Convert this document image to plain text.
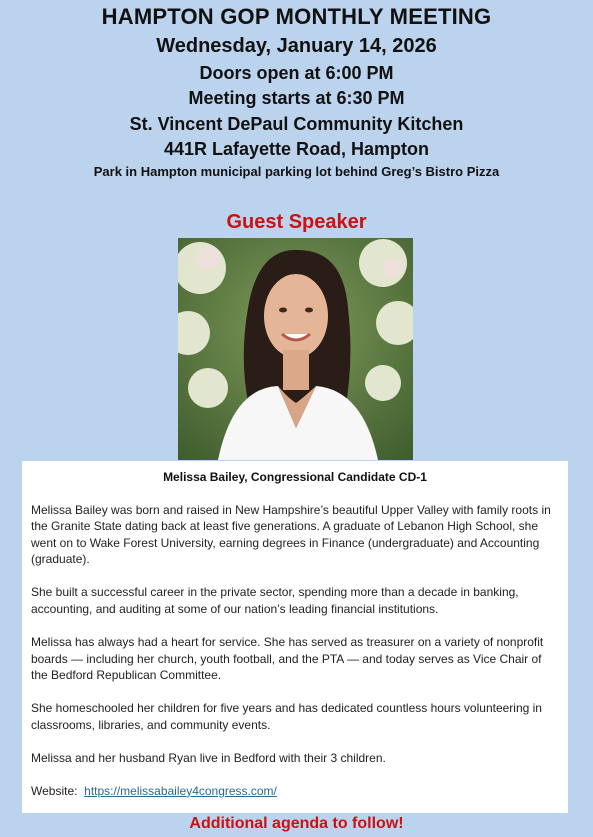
HAMPTON GOP MONTHLY MEETING
Wednesday, January 14, 2026
Doors open at 6:00 PM
Meeting starts at 6:30 PM
St. Vincent DePaul Community Kitchen
441R Lafayette Road, Hampton
Park in Hampton municipal parking lot behind Greg’s Bistro Pizza
Guest Speaker
Melissa Bailey, Congressional Candidate CD-1

Melissa Bailey was born and raised in New Hampshire’s beautiful Upper Valley with family roots in the Granite State dating back at least five generations. A graduate of Lebanon High School, she went on to Wake Forest University, earning degrees in Finance (undergraduate) and Accounting (graduate).

She built a successful career in the private sector, spending more than a decade in banking, accounting, and auditing at some of our nation’s leading financial institutions.

Melissa has always had a heart for service. She has served as treasurer on a variety of nonprofit boards — including her church, youth football, and the PTA — and today serves as Vice Chair of the Bedford Republican Committee.

She homeschooled her children for five years and has dedicated countless hours volunteering in classrooms, libraries, and community events.

Melissa and her husband Ryan live in Bedford with their 3 children.

Website: https://melissabailey4congress.com/

Additional agenda to follow!
